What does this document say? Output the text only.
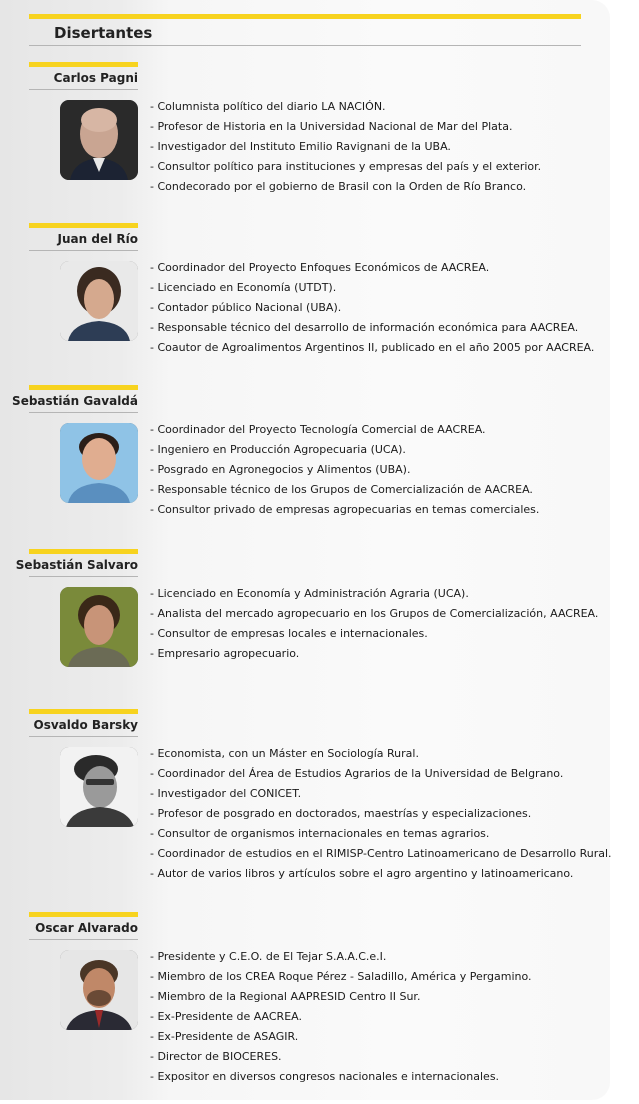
Disertantes
Carlos Pagni
- Columnista político del diario LA NACIÓN.
- Profesor de Historia en la Universidad Nacional de Mar del Plata.
- Investigador del Instituto Emilio Ravignani de la UBA.
- Consultor político para instituciones y empresas del país y el exterior.
- Condecorado por el gobierno de Brasil con la Orden de Río Branco.
Juan del Río
- Coordinador del Proyecto Enfoques Económicos de AACREA.
- Licenciado en Economía (UTDT).
- Contador público Nacional (UBA).
- Responsable técnico del desarrollo de información económica para AACREA.
- Coautor de Agroalimentos Argentinos II, publicado en el año 2005 por AACREA.
Sebastián Gavaldá
- Coordinador del Proyecto Tecnología Comercial de AACREA.
- Ingeniero en Producción Agropecuaria (UCA).
- Posgrado en Agronegocios y Alimentos (UBA).
- Responsable técnico de los Grupos de Comercialización de AACREA.
- Consultor privado de empresas agropecuarias en temas comerciales.
Sebastián Salvaro
- Licenciado en Economía y Administración Agraria (UCA).
- Analista del mercado agropecuario en los Grupos de Comercialización, AACREA.
- Consultor de empresas locales e internacionales.
- Empresario agropecuario.
Osvaldo Barsky
- Economista, con un Máster en Sociología Rural.
- Coordinador del Área de Estudios Agrarios de la Universidad de Belgrano.
- Investigador del CONICET.
- Profesor de posgrado en doctorados, maestrías y especializaciones.
- Consultor de organismos internacionales en temas agrarios.
- Coordinador de estudios en el RIMISP-Centro Latinoamericano de Desarrollo Rural.
- Autor de varios libros y artículos sobre el agro argentino y latinoamericano.
Oscar Alvarado
- Presidente y C.E.O. de El Tejar S.A.A.C.e.I.
- Miembro de los CREA Roque Pérez - Saladillo, América y Pergamino.
- Miembro de la Regional AAPRESID Centro II Sur.
- Ex-Presidente de AACREA.
- Ex-Presidente de ASAGIR.
- Director de BIOCERES.
- Expositor en diversos congresos nacionales e internacionales.
